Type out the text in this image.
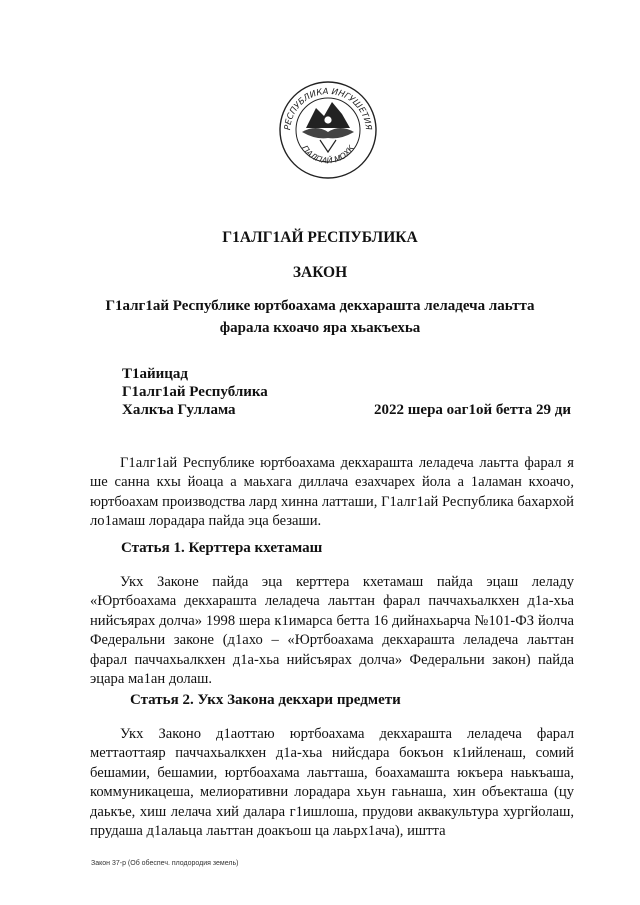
РЕСПУБЛИКА ИНГУШЕТИЯ
ГIАЛГIАЙ МОХК
Г1АЛГ1АЙ РЕСПУБЛИКА
ЗАКОН
Г1алг1ай Республике юртбоахама декхараштa леладеча лаьтта
фарала кхоачо яра хьакъехьа
Т1айицад
Г1алг1ай Республика
Халкъа Гуллама	2022 шера оаг1ой бетта 29 ди
Г1алг1ай Республике юртбоахама декхараштa леладеча лаьтта фарал я ше санна кхы йоаца а маьхага диллача езахчарех йола а 1аламан кхоачо, юртбоахам производства лард хинна латташи, Г1алг1ай Республика бахархой ло1амаш лорадара пайда эца безаши.
Статья 1. Керттера кхетамаш
Укх Законе пайда эца керттера кхетамаш пайда эцаш леладу «Юртбоахама декхараштa леладеча лаьттан фарал паччахьалкхен д1а-хьа нийсъярах долча» 1998 шера к1имарса бетта 16 дийнахьарча №101-ФЗ йолча Федеральни законе (д1ахо – «Юртбоахама декхараштa леладеча лаьттан фарал паччахьалкхен д1а-хьа нийсъярах долча» Федеральни закон) пайда эцара ма1ан долаш.
Статья 2. Укх Закона декхари предмети
Укх Законо д1аоттаю юртбоахама декхараштa леладеча фарал меттаоттаяр паччахьалкхен д1а-хьа нийсдара бокъон к1ийленаш, сомий бешамии, бешамии, юртбоахама лаьтташа, боахамашта юкъера наькъаша, коммуникацеша, мелиоративни лорадара хьун гаьнаша, хин объекташа (цу даькъе, хиш лелача хий далара г1ишлоша, прудови аквакультура хургйолаш, прудаша д1алаьца лаьттан доакъош ца лаьрх1ача), иштта
Закон 37-р (Об обеспеч. плодородия земель)
